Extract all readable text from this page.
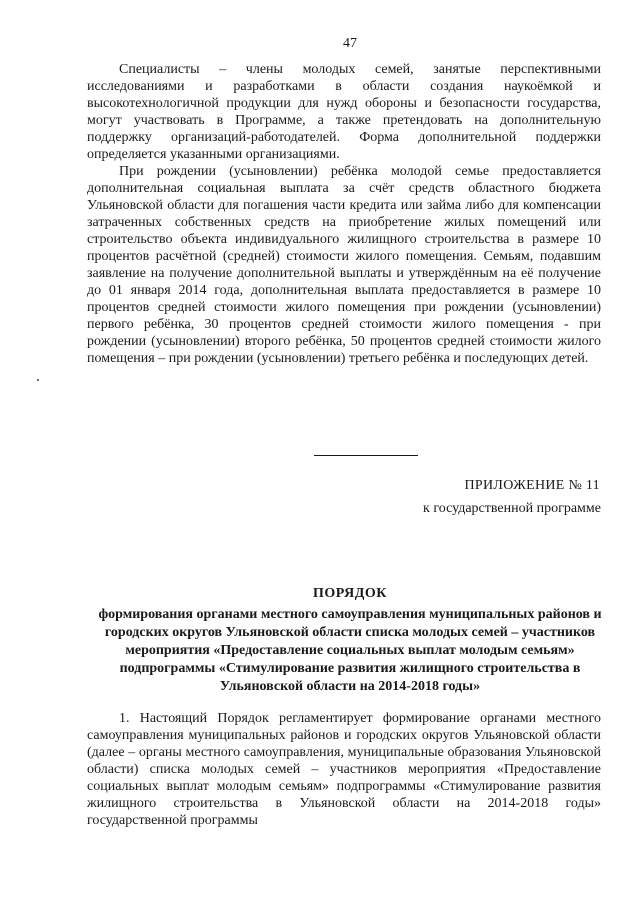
47

Специалисты – члены молодых семей, занятые перспективными исследованиями и разработками в области создания наукоёмкой и высокотехнологичной продукции для нужд обороны и безопасности государства, могут участвовать в Программе, а также претендовать на дополнительную поддержку организаций-работодателей. Форма дополнительной поддержки определяется указанными организациями.

При рождении (усыновлении) ребёнка молодой семье предоставляется дополнительная социальная выплата за счёт средств областного бюджета Ульяновской области для погашения части кредита или займа либо для компенсации затраченных собственных средств на приобретение жилых помещений или строительство объекта индивидуального жилищного строительства в размере 10 процентов расчётной (средней) стоимости жилого помещения. Семьям, подавшим заявление на получение дополнительной выплаты и утверждённым на её получение до 01 января 2014 года, дополнительная выплата предоставляется в размере 10 процентов средней стоимости жилого помещения при рождении (усыновлении) первого ребёнка, 30 процентов средней стоимости жилого помещения - при рождении (усыновлении) второго ребёнка, 50 процентов средней стоимости жилого помещения – при рождении (усыновлении) третьего ребёнка и последующих детей.

ПРИЛОЖЕНИЕ № 11
к государственной программе
ПОРЯДОК
формирования органами местного самоуправления муниципальных районов и городских округов Ульяновской области списка молодых семей – участников мероприятия «Предоставление социальных выплат молодым семьям» подпрограммы «Стимулирование развития жилищного строительства в Ульяновской области на 2014-2018 годы»

1. Настоящий Порядок регламентирует формирование органами местного самоуправления муниципальных районов и городских округов Ульяновской области (далее – органы местного самоуправления, муниципальные образования Ульяновской области) списка молодых семей – участников мероприятия «Предоставление социальных выплат молодым семьям» подпрограммы «Стимулирование развития жилищного строительства в Ульяновской области на 2014-2018 годы» государственной программы
